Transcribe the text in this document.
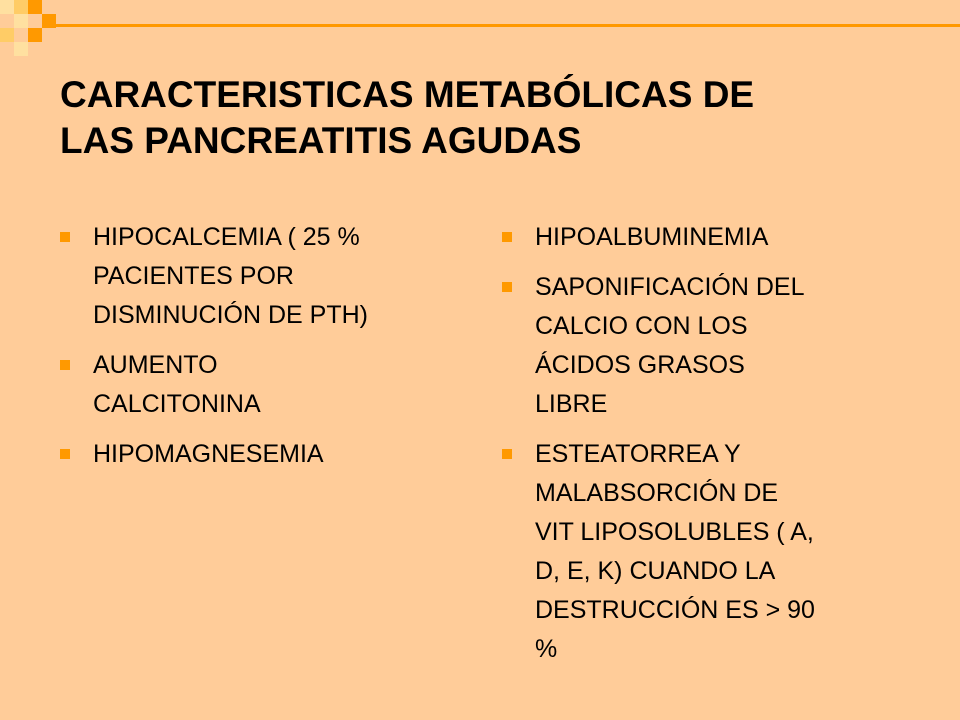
CARACTERISTICAS METABÓLICAS DE
LAS PANCREATITIS AGUDAS
HIPOCALCEMIA ( 25 %
PACIENTES POR
DISMINUCIÓN DE PTH)
AUMENTO
CALCITONINA
HIPOMAGNESEMIA
HIPOALBUMINEMIA
SAPONIFICACIÓN DEL
CALCIO CON LOS
ÁCIDOS GRASOS
LIBRE
ESTEATORREA Y
MALABSORCIÓN DE
VIT LIPOSOLUBLES ( A,
D, E, K) CUANDO LA
DESTRUCCIÓN ES > 90
%
